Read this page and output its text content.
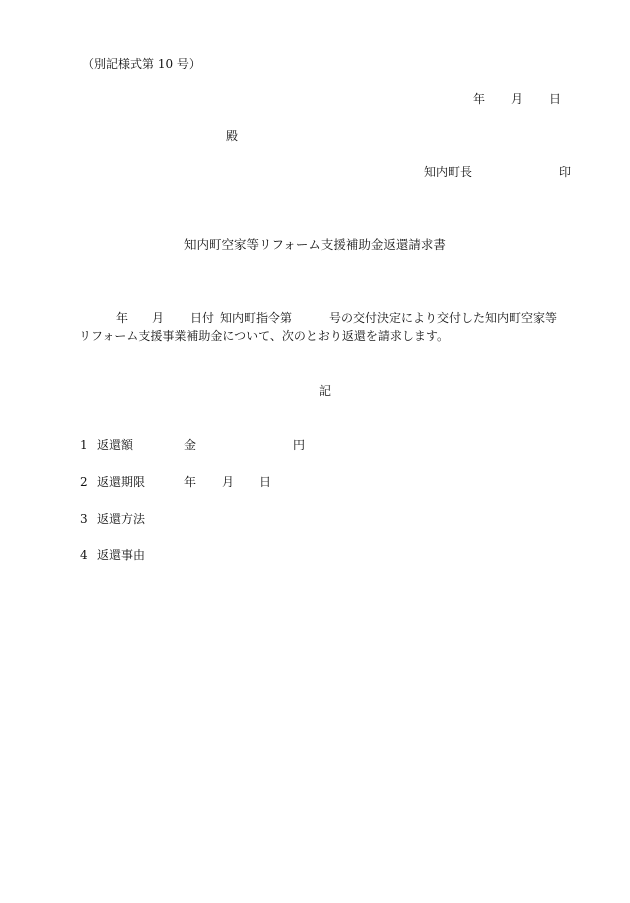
（別記様式第 10 号）
年 月 日
殿
知内町長	印
知内町空家等リフォーム支援補助金返還請求書
年 月 日付 知内町指令第	号の交付決定により交付した知内町空家等
リフォーム支援事業補助金について、次のとおり返還を請求します。
記
1 返還額	金	円
2 返還期限	年 月 日
3 返還方法
4 返還事由
